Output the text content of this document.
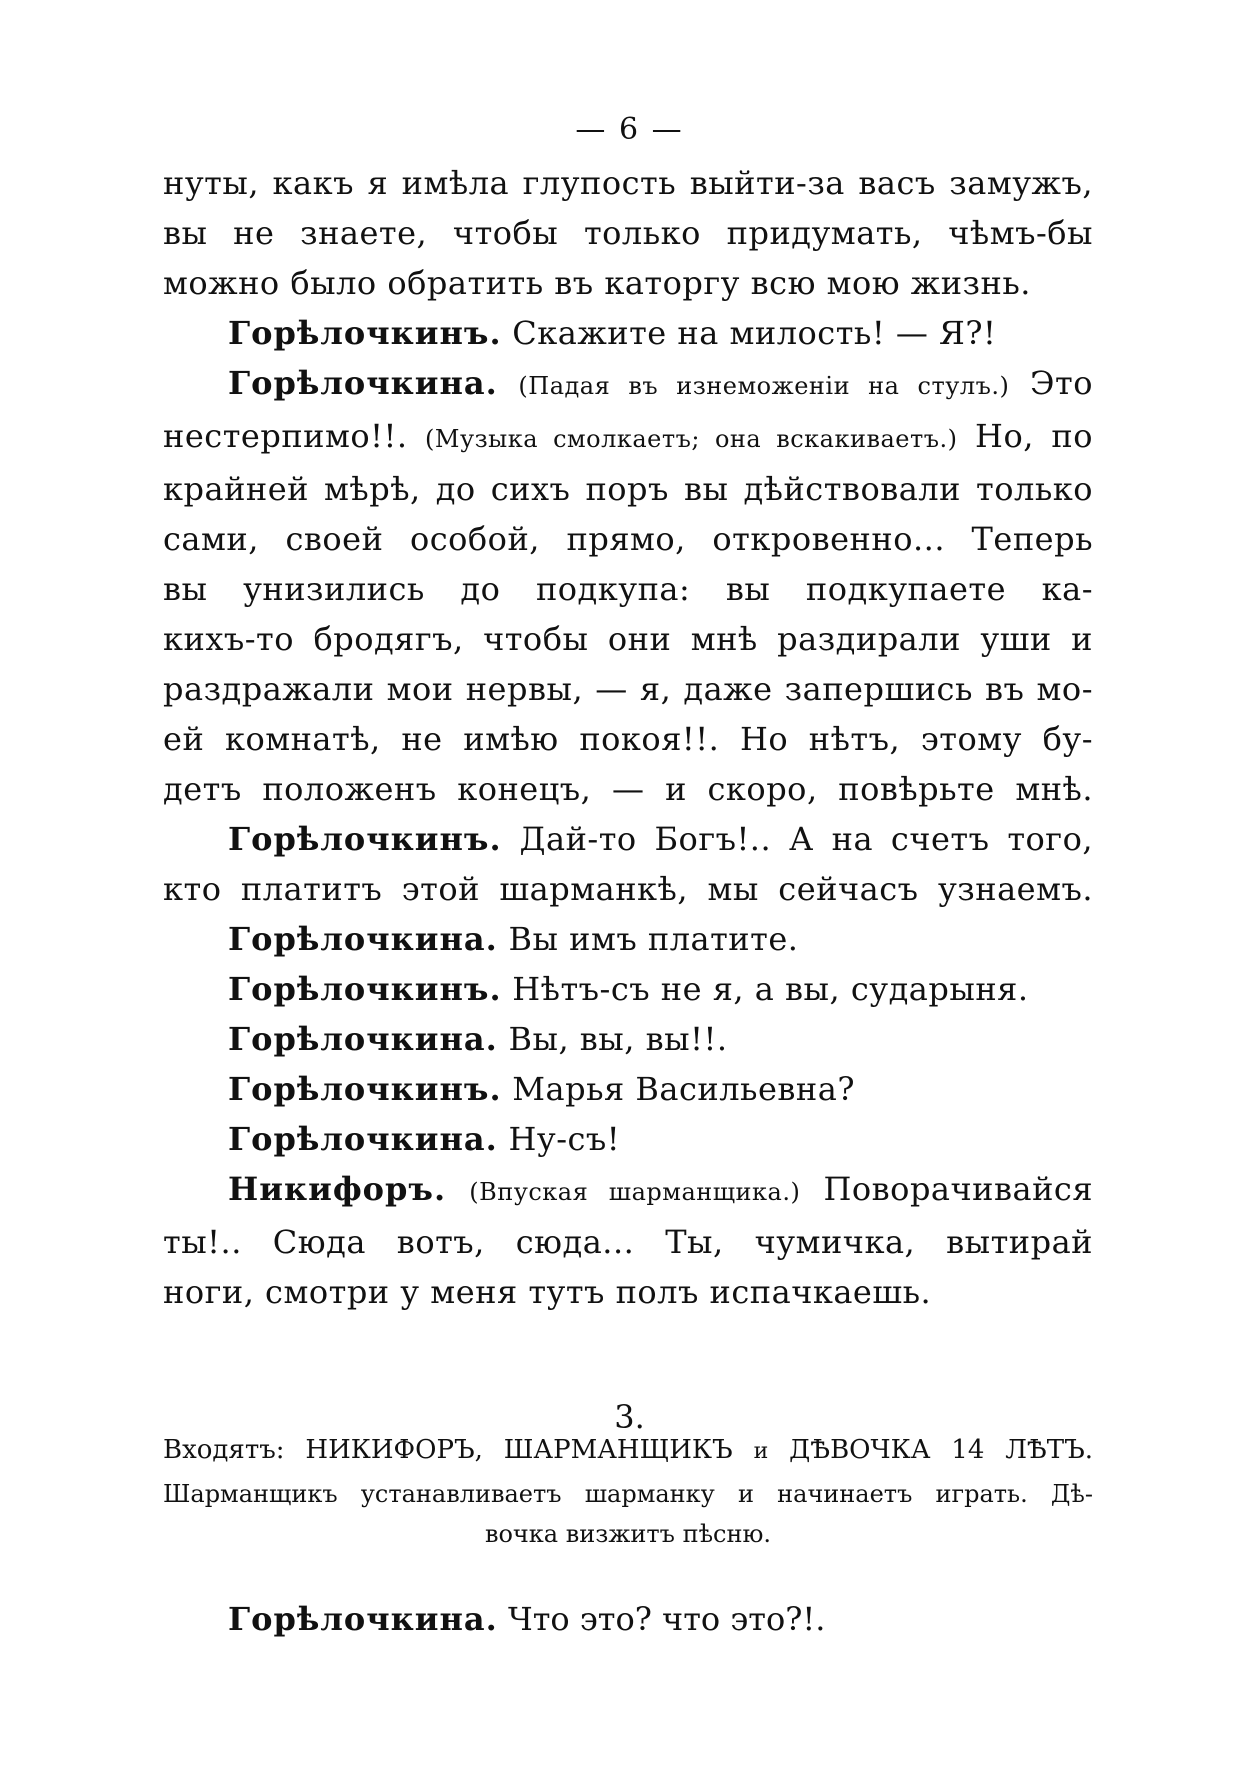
— 6 —
нуты, какъ я имѣла глупость выйти-за васъ замужъ,
вы не знаете, чтобы только придумать, чѣмъ-бы
можно было обратить въ каторгу всю мою жизнь.
Горѣлочкинъ. Скажите на милость! — Я?!
Горѣлочкина. (Падая въ изнеможенiи на стулъ.) Это
нестерпимо!!. (Музыка смолкаетъ; она вскакиваетъ.) Но, по
крайней мѣрѣ, до сихъ поръ вы дѣйствовали только
сами, своей особой, прямо, откровенно... Теперь
вы унизились до подкупа: вы подкупаете ка-
кихъ-то бродягъ, чтобы они мнѣ раздирали уши и
раздражали мои нервы, — я, даже запершись въ мо-
ей комнатѣ, не имѣю покоя!!. Но нѣтъ, этому бу-
детъ положенъ конецъ, — и скоро, повѣрьте мнѣ.
Горѣлочкинъ. Дай-то Богъ!.. А на счетъ того,
кто платитъ этой шарманкѣ, мы сейчасъ узнаемъ.
Горѣлочкина. Вы имъ платите.
Горѣлочкинъ. Нѣтъ-съ не я, а вы, сударыня.
Горѣлочкина. Вы, вы, вы!!.
Горѣлочкинъ. Марья Васильевна?
Горѣлочкина. Ну-съ!
Никифоръ. (Впуская шарманщика.) Поворачивайся
ты!.. Сюда вотъ, сюда... Ты, чумичка, вытирай
ноги, смотри у меня тутъ полъ испачкаешь.
3.
Входятъ: НИКИФОРЪ, ШАРМАНЩИКЪ и ДѢВОЧКА 14 ЛѢТЪ.
Шарманщикъ устанавливаетъ шарманку и начинаетъ играть. Дѣ-
вочка визжитъ пѣсню.
Горѣлочкина. Что это? что это?!.
